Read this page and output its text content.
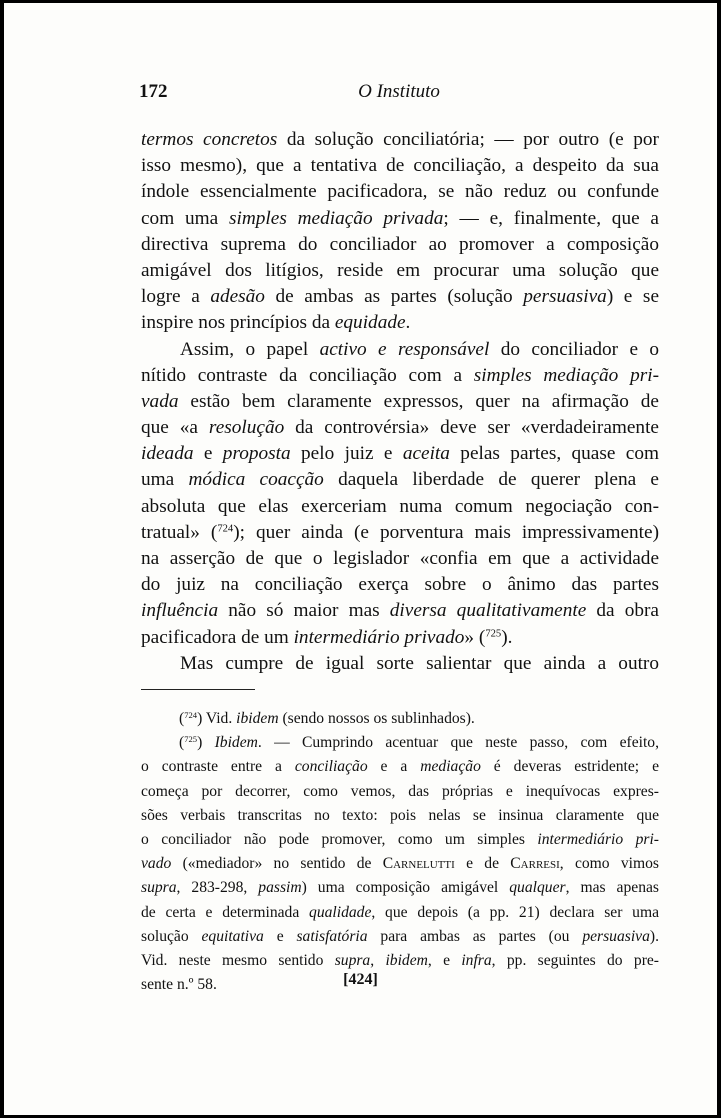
172	O Instituto
termos concretos da solução conciliatória; — por outro (e por
isso mesmo), que a tentativa de conciliação, a despeito da sua
índole essencialmente pacificadora, se não reduz ou confunde
com uma simples mediação privada; — e, finalmente, que a
directiva suprema do conciliador ao promover a composição
amigável dos litígios, reside em procurar uma solução que
logre a adesão de ambas as partes (solução persuasiva) e se
inspire nos princípios da equidade.
Assim, o papel activo e responsável do conciliador e o
nítido contraste da conciliação com a simples mediação pri-
vada estão bem claramente expressos, quer na afirmação de
que «a resolução da controvérsia» deve ser «verdadeiramente
ideada e proposta pelo juiz e aceita pelas partes, quase com
uma módica coacção daquela liberdade de querer plena e
absoluta que elas exerceriam numa comum negociação con-
tratual» ($^{724}$); quer ainda (e porventura mais impressivamente)
na asserção de que o legislador «confia em que a actividade
do juiz na conciliação exerça sobre o ânimo das partes
influência não só maior mas diversa qualitativamente da obra
pacificadora de um intermediário privado» ($^{725}$).
Mas cumpre de igual sorte salientar que ainda a outro
($^{724}$) Vid. ibidem (sendo nossos os sublinhados).
($^{725}$) Ibidem. — Cumprindo acentuar que neste passo, com efeito,
o contraste entre a conciliação e a mediação é deveras estridente; e
começa por decorrer, como vemos, das próprias e inequívocas expres-
sões verbais transcritas no texto: pois nelas se insinua claramente que
o conciliador não pode promover, como um simples intermediário pri-
vado («mediador» no sentido de Carnelutti e de Carresi, como vimos
supra, 283-298, passim) uma composição amigável qualquer, mas apenas
de certa e determinada qualidade, que depois (a pp. 21) declara ser uma
solução equitativa e satisfatória para ambas as partes (ou persuasiva).
Vid. neste mesmo sentido supra, ibidem, e infra, pp. seguintes do pre-
sente n.º 58.	[424]
